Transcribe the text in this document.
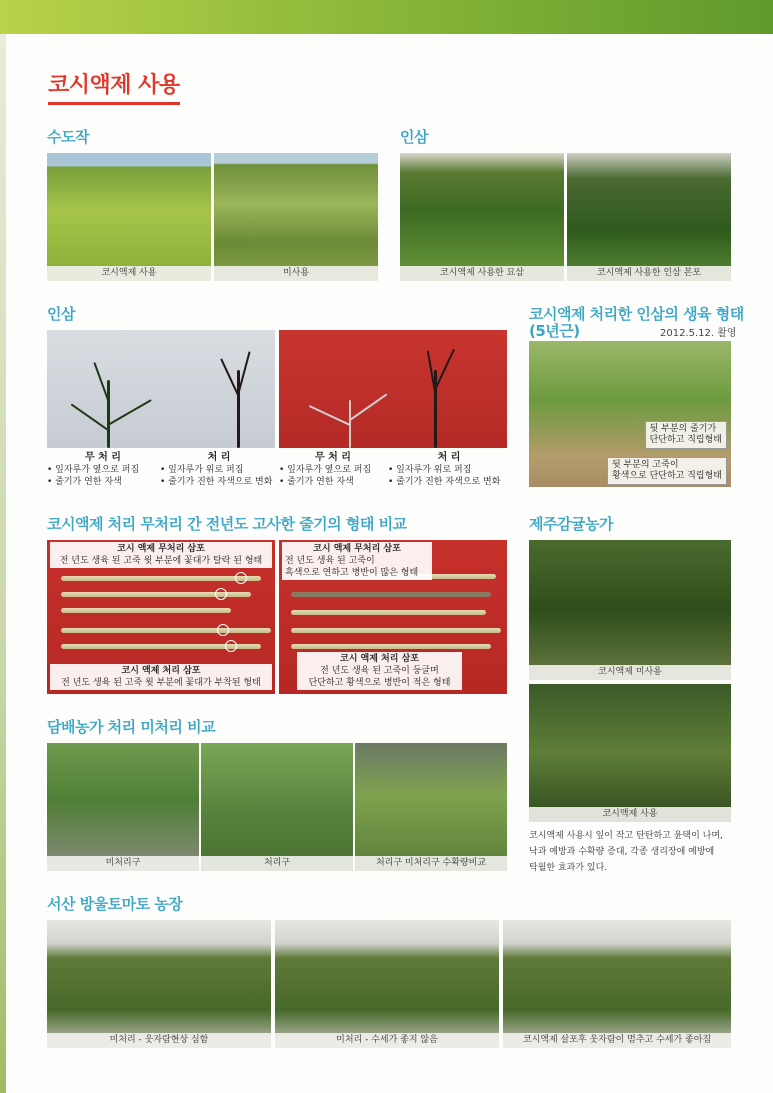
코시액제 사용
수도작
코시액제 사용	미사용
인삼
코시액제 사용한 묘삼	코시액제 사용한 인삼 본포
인삼
무 처 리
• 잎자루가 옆으로 퍼짐
• 줄기가 연한 자색
처 리
• 잎자루가 위로 퍼짐
• 줄기가 진한 자색으로 변화
무 처 리
• 잎자루가 옆으로 퍼짐
• 줄기가 연한 자색
처 리
• 잎자루가 위로 퍼짐
• 줄기가 진한 자색으로 변화
코시액제 처리한 인삼의 생육 형태
(5년근)	2012.5.12. 촬영
뒷 부분의 줄기가
단단하고 직립형태
뒷 부분의 고죽이
황색으로 단단하고 직립형태
코시액제 처리 무처리 간 전년도 고사한 줄기의 형태 비교
코시 액제 무처리 삼포
전 년도 생육 된 고죽 윗 부분에 꽃대가 탈락 된 형태
코시 액제 처리 삼포
전 년도 생육 된 고죽 윗 부분에 꽃대가 부착된 형태
코시 액제 무처리 삼포
전 년도 생육 된 고죽이
흑색으로 연하고 병반이 많은 형태
코시 액제 처리 삼포
전 년도 생육 된 고죽이 둥글며
단단하고 황색으로 병반이 적은 형태
제주감귤농가
코시액제 미사용
코시액제 사용
코시액제 사용시 잎이 작고 탄탄하고 윤택이 나며,
낙과 예방과 수확량 증대, 각종 생리장애 예방에
탁월한 효과가 있다.
담배농가 처리 미처리 비교
미처리구	처리구	처리구 미처리구 수확량비교
서산 방울토마토 농장
미처리 - 웃자람현상 심함	미처리 - 수세가 좋지 않음	코시액제 살포후 웃자람이 멈추고 수세가 좋아짐
